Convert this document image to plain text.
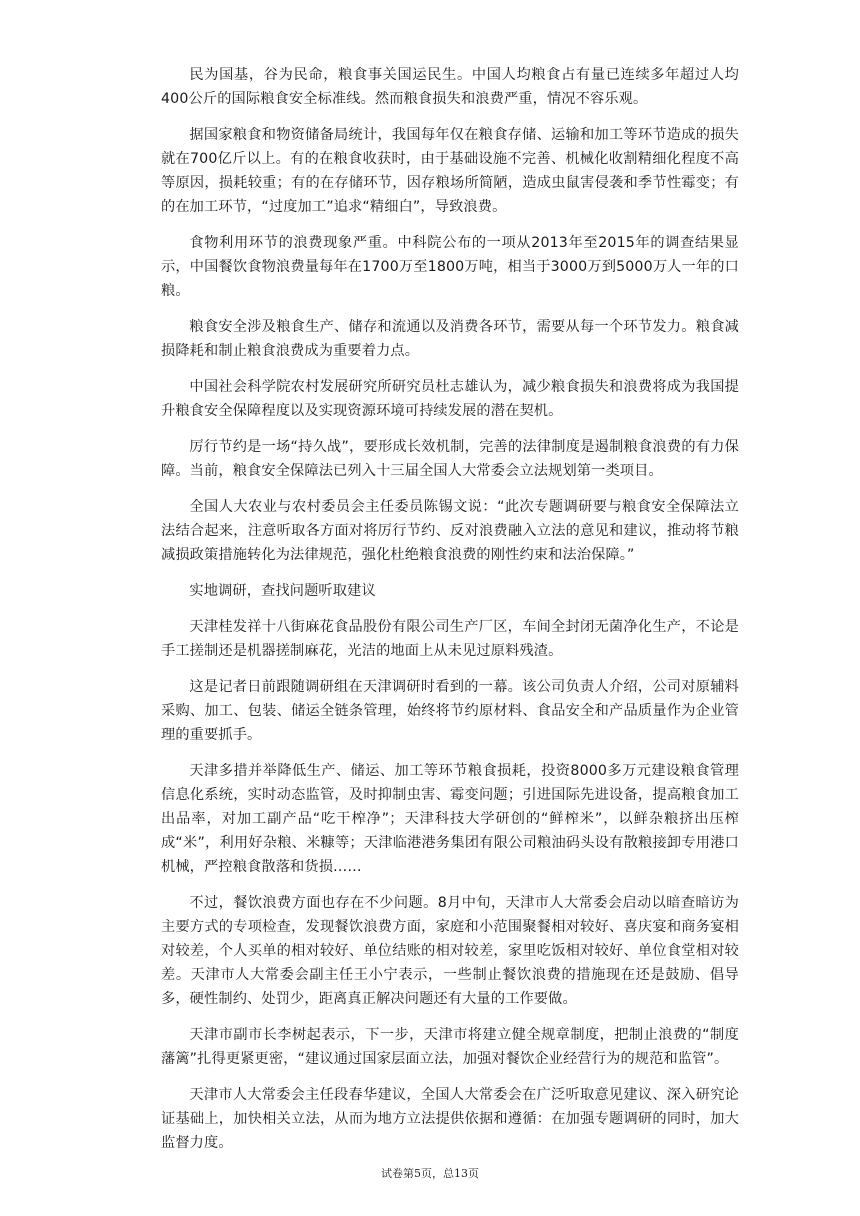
民为国基，谷为民命，粮食事关国运民生。中国人均粮食占有量已连续多年超过人均400公斤的国际粮食安全标准线。然而粮食损失和浪费严重，情况不容乐观。

据国家粮食和物资储备局统计，我国每年仅在粮食存储、运输和加工等环节造成的损失就在700亿斤以上。有的在粮食收获时，由于基础设施不完善、机械化收割精细化程度不高等原因，损耗较重；有的在存储环节，因存粮场所简陋，造成虫鼠害侵袭和季节性霉变；有的在加工环节，“过度加工”追求“精细白”，导致浪费。

食物利用环节的浪费现象严重。中科院公布的一项从2013年至2015年的调查结果显示，中国餐饮食物浪费量每年在1700万至1800万吨，相当于3000万到5000万人一年的口粮。

粮食安全涉及粮食生产、储存和流通以及消费各环节，需要从每一个环节发力。粮食减损降耗和制止粮食浪费成为重要着力点。

中国社会科学院农村发展研究所研究员杜志雄认为，减少粮食损失和浪费将成为我国提升粮食安全保障程度以及实现资源环境可持续发展的潜在契机。

厉行节约是一场“持久战”，要形成长效机制，完善的法律制度是遏制粮食浪费的有力保障。当前，粮食安全保障法已列入十三届全国人大常委会立法规划第一类项目。

全国人大农业与农村委员会主任委员陈锡文说：“此次专题调研要与粮食安全保障法立法结合起来，注意听取各方面对将厉行节约、反对浪费融入立法的意见和建议，推动将节粮减损政策措施转化为法律规范，强化杜绝粮食浪费的刚性约束和法治保障。”

实地调研，查找问题听取建议

天津桂发祥十八街麻花食品股份有限公司生产厂区，车间全封闭无菌净化生产，不论是手工搓制还是机器搓制麻花，光洁的地面上从未见过原料残渣。

这是记者日前跟随调研组在天津调研时看到的一幕。该公司负责人介绍，公司对原辅料采购、加工、包装、储运全链条管理，始终将节约原材料、食品安全和产品质量作为企业管理的重要抓手。

天津多措并举降低生产、储运、加工等环节粮食损耗，投资8000多万元建设粮食管理信息化系统，实时动态监管，及时抑制虫害、霉变问题；引进国际先进设备，提高粮食加工出品率，对加工副产品“吃干榨净”；天津科技大学研创的“鲜榨米”，以鲜杂粮挤出压榨成“米”，利用好杂粮、米糠等；天津临港港务集团有限公司粮油码头设有散粮接卸专用港口机械，严控粮食散落和货损……

不过，餐饮浪费方面也存在不少问题。8月中旬，天津市人大常委会启动以暗查暗访为主要方式的专项检查，发现餐饮浪费方面，家庭和小范围聚餐相对较好、喜庆宴和商务宴相对较差，个人买单的相对较好、单位结账的相对较差，家里吃饭相对较好、单位食堂相对较差。天津市人大常委会副主任王小宁表示，一些制止餐饮浪费的措施现在还是鼓励、倡导多，硬性制约、处罚少，距离真正解决问题还有大量的工作要做。

天津市副市长李树起表示，下一步，天津市将建立健全规章制度，把制止浪费的“制度藩篱”扎得更紧更密，“建议通过国家层面立法，加强对餐饮企业经营行为的规范和监管”。

天津市人大常委会主任段春华建议，全国人大常委会在广泛听取意见建议、深入研究论证基础上，加快相关立法，从而为地方立法提供依据和遵循：在加强专题调研的同时，加大监督力度。

试卷第5页，总13页
